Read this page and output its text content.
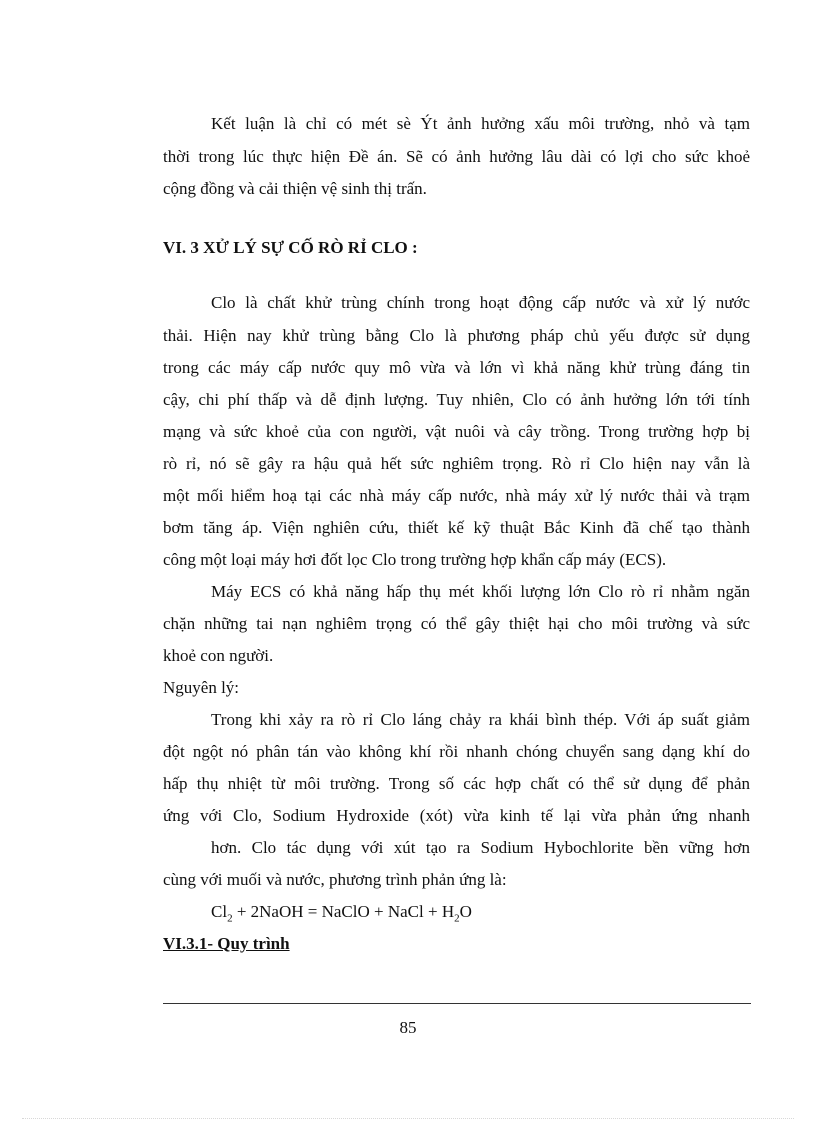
Kết luận là chỉ có mét sè Ýt ảnh hưởng xấu môi trường, nhỏ và tạm
thời trong lúc thực hiện Đề án. Sẽ có ảnh hưởng lâu dài có lợi cho sức khoẻ
cộng đồng và cải thiện vệ sinh thị trấn.
VI. 3 XỬ LÝ SỰ CỐ RÒ RỈ CLO :
Clo là chất khử trùng chính trong hoạt động cấp nước và xử lý nước
thải. Hiện nay khử trùng bằng Clo là phương pháp chủ yếu được sử dụng
trong các máy cấp nước quy mô vừa và lớn vì khả năng khử trùng đáng tin
cậy, chi phí thấp và dễ định lượng. Tuy nhiên, Clo có ảnh hưởng lớn tới tính
mạng và sức khoẻ của con người, vật nuôi và cây trồng. Trong trường hợp bị
rò rỉ, nó sẽ gây ra hậu quả hết sức nghiêm trọng. Rò rỉ Clo hiện nay vẫn là
một mối hiểm hoạ tại các nhà máy cấp nước, nhà máy xử lý nước thải và trạm
bơm tăng áp. Viện nghiên cứu, thiết kế kỹ thuật Bắc Kinh đã chế tạo thành
công một loại máy hơi đốt lọc Clo trong trường hợp khẩn cấp máy (ECS).
Máy ECS có khả năng hấp thụ mét khối lượng lớn Clo rò rỉ nhằm ngăn
chặn những tai nạn nghiêm trọng có thể gây thiệt hại cho môi trường và sức
khoẻ con người.
Nguyên lý:
Trong khi xảy ra rò rỉ Clo láng chảy ra khái bình thép. Với áp suất giảm
đột ngột nó phân tán vào không khí rồi nhanh chóng chuyển sang dạng khí do
hấp thụ nhiệt từ môi trường. Trong số các hợp chất có thể sử dụng để phản
ứng với Clo, Sodium Hydroxide (xót) vừa kinh tế lại vừa phản ứng nhanh
hơn. Clo tác dụng với xút tạo ra Sodium Hybochlorite bền vững hơn
cùng với muối và nước, phương trình phản ứng là:
$Cl_2$ + 2NaOH = NaClO + NaCl + $H_2O$
VI.3.1- Quy trình
85
